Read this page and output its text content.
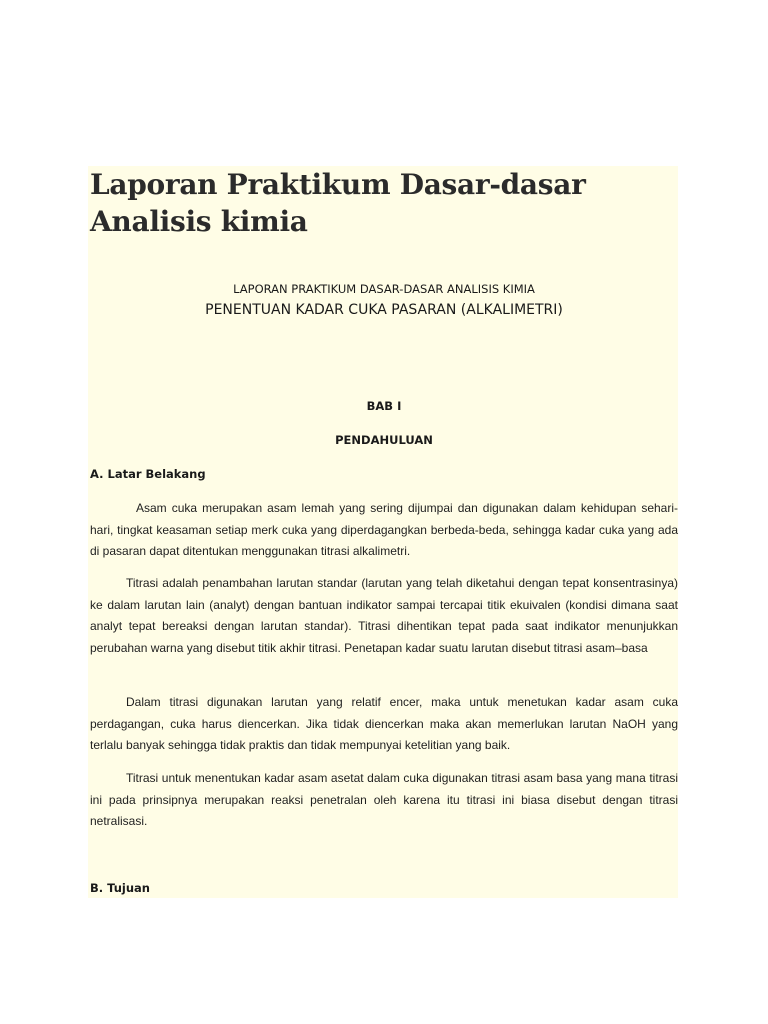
Laporan Praktikum Dasar-dasar Analisis kimia
LAPORAN PRAKTIKUM DASAR-DASAR ANALISIS KIMIA
PENENTUAN KADAR CUKA PASARAN (ALKALIMETRI)
BAB I
PENDAHULUAN
A. Latar Belakang

Asam cuka merupakan asam lemah yang sering dijumpai dan digunakan dalam kehidupan sehari-hari, tingkat keasaman setiap merk cuka yang diperdagangkan berbeda-beda, sehingga kadar cuka yang ada di pasaran dapat ditentukan menggunakan titrasi alkalimetri.

Titrasi adalah penambahan larutan standar (larutan yang telah diketahui dengan tepat konsentrasinya) ke dalam larutan lain (analyt) dengan bantuan indikator sampai tercapai titik ekuivalen (kondisi dimana saat analyt tepat bereaksi dengan larutan standar). Titrasi dihentikan tepat pada saat indikator menunjukkan perubahan warna yang disebut titik akhir titrasi. Penetapan kadar suatu larutan disebut titrasi asam–basa

Dalam titrasi digunakan larutan yang relatif encer, maka untuk menetukan kadar asam cuka perdagangan, cuka harus diencerkan. Jika tidak diencerkan maka akan memerlukan larutan NaOH yang terlalu banyak sehingga tidak praktis dan tidak mempunyai ketelitian yang baik.

Titrasi untuk menentukan kadar asam asetat dalam cuka digunakan titrasi asam basa yang mana titrasi ini pada prinsipnya merupakan reaksi penetralan oleh karena itu titrasi ini biasa disebut dengan titrasi netralisasi.

B. Tujuan
